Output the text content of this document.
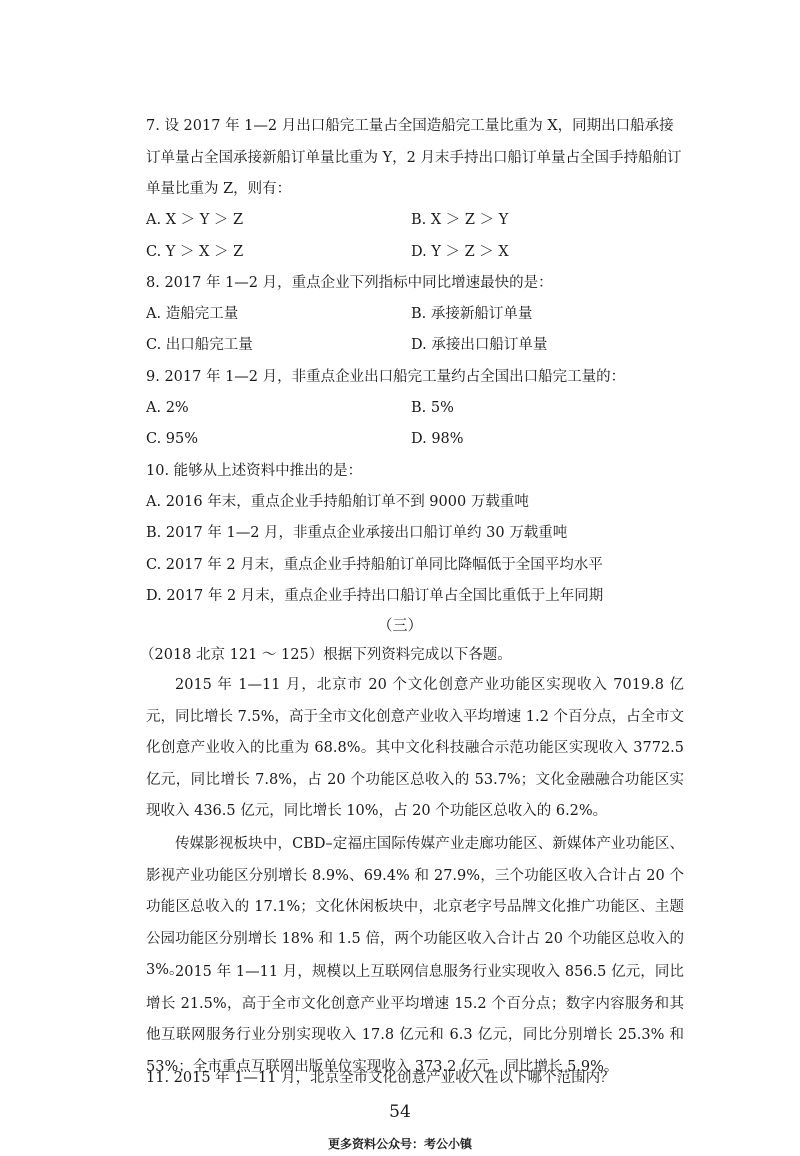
7. 设 2017 年 1—2 月出口船完工量占全国造船完工量比重为 X，同期出口船承接
订单量占全国承接新船订单量比重为 Y，2 月末手持出口船订单量占全国手持船舶订
单量比重为 Z，则有：
A. X ＞ Y ＞ Z	B. X ＞ Z ＞ Y
C. Y ＞ X ＞ Z	D. Y ＞ Z ＞ X
8. 2017 年 1—2 月，重点企业下列指标中同比增速最快的是：
A. 造船完工量	B. 承接新船订单量
C. 出口船完工量	D. 承接出口船订单量
9. 2017 年 1—2 月，非重点企业出口船完工量约占全国出口船完工量的：
A. 2%	B. 5%
C. 95%	D. 98%
10. 能够从上述资料中推出的是：
A. 2016 年末，重点企业手持船舶订单不到 9000 万载重吨
B. 2017 年 1—2 月，非重点企业承接出口船订单约 30 万载重吨
C. 2017 年 2 月末，重点企业手持船舶订单同比降幅低于全国平均水平
D. 2017 年 2 月末，重点企业手持出口船订单占全国比重低于上年同期
（三）
（2018 北京 121 ～ 125）根据下列资料完成以下各题。
2015 年 1—11 月，北京市 20 个文化创意产业功能区实现收入 7019.8 亿元，同比增长 7.5%，高于全市文化创意产业收入平均增速 1.2 个百分点，占全市文化创意产业收入的比重为 68.8%。其中文化科技融合示范功能区实现收入 3772.5 亿元，同比增长 7.8%，占 20 个功能区总收入的 53.7%；文化金融融合功能区实现收入 436.5 亿元，同比增长 10%，占 20 个功能区总收入的 6.2%。
传媒影视板块中，CBD–定福庄国际传媒产业走廊功能区、新媒体产业功能区、影视产业功能区分别增长 8.9%、69.4% 和 27.9%，三个功能区收入合计占 20 个功能区总收入的 17.1%；文化休闲板块中，北京老字号品牌文化推广功能区、主题公园功能区分别增长 18% 和 1.5 倍，两个功能区收入合计占 20 个功能区总收入的 3%。
2015 年 1—11 月，规模以上互联网信息服务行业实现收入 856.5 亿元，同比增长 21.5%，高于全市文化创意产业平均增速 15.2 个百分点；数字内容服务和其他互联网服务行业分别实现收入 17.8 亿元和 6.3 亿元，同比分别增长 25.3% 和 53%；全市重点互联网出版单位实现收入 373.2 亿元，同比增长 5.9%。
11. 2015 年 1—11 月，北京全市文化创意产业收入在以下哪个范围内？
54
更多资料公众号：考公小镇
